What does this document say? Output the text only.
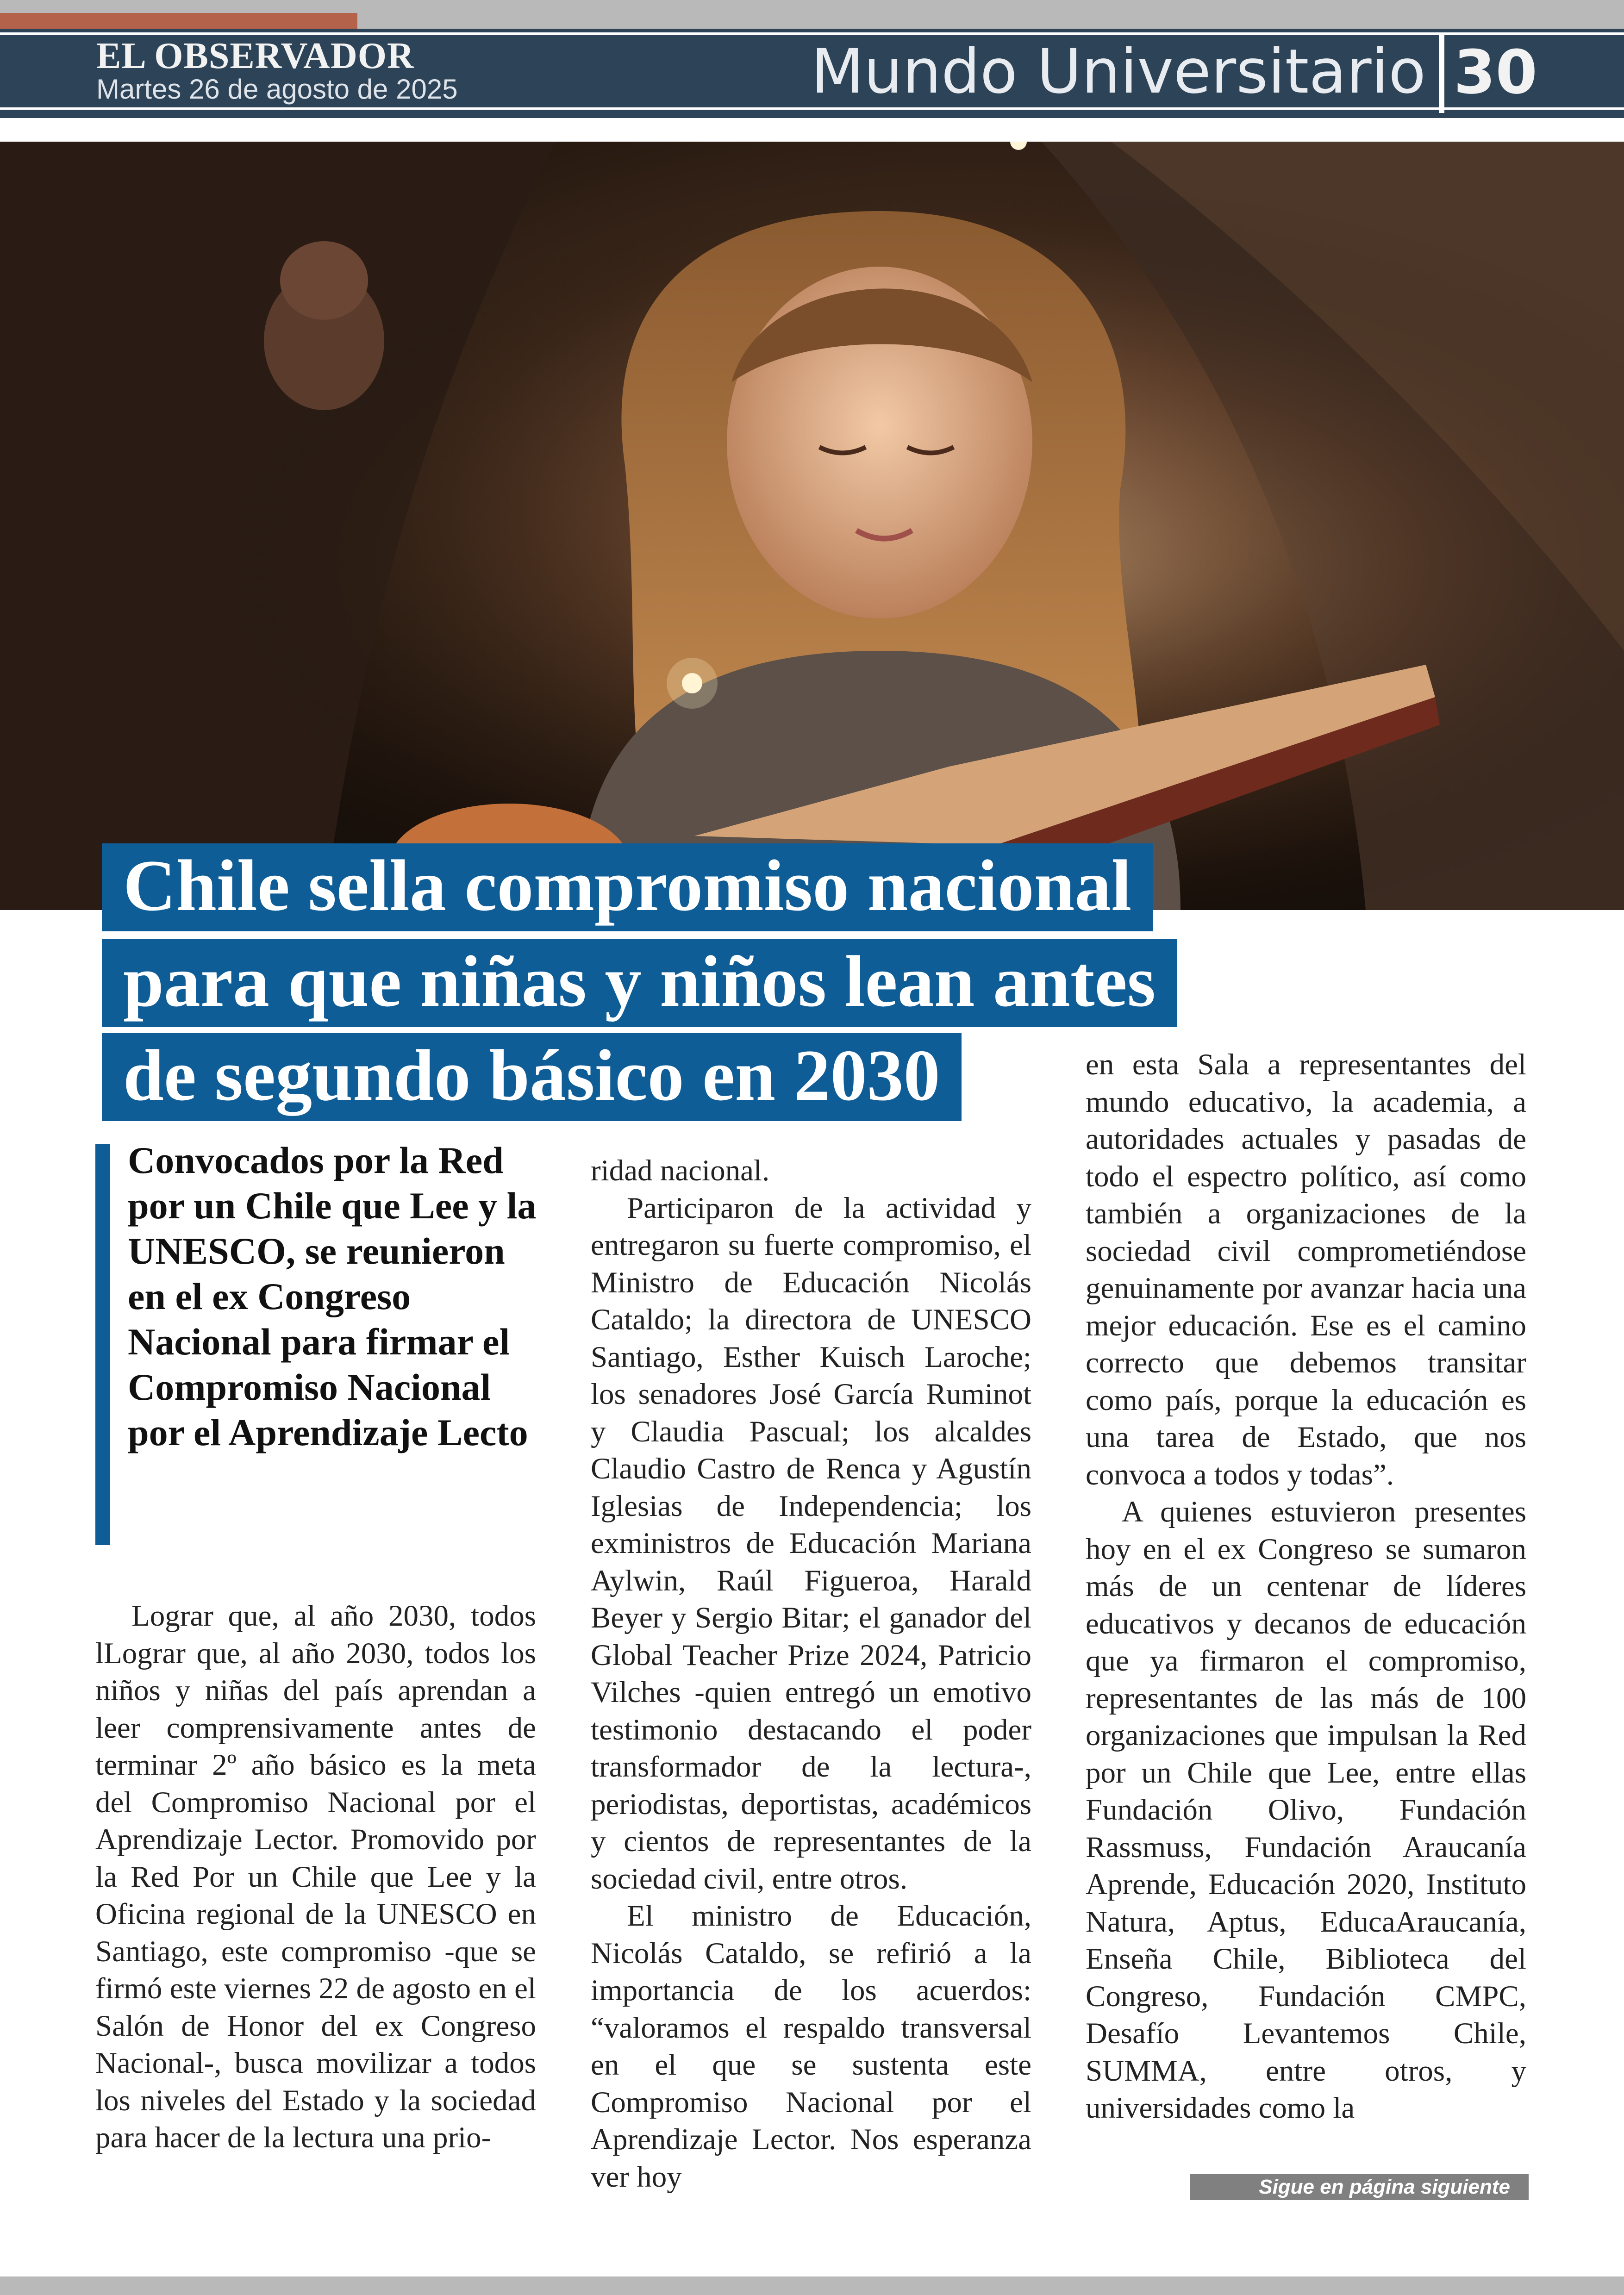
EL OBSERVADOR
Martes 26 de agosto de 2025	Mundo Universitario 30
Chile sella compromiso nacional
para que niñas y niños lean antes
de segundo básico en 2030
Convocados por la Red por un Chile que Lee y la UNESCO, se reunieron en el ex Congreso Nacional para firmar el Compromiso Nacional por el Aprendizaje Lecto

Lograr que, al año 2030, todos lLograr que, al año 2030, todos los niños y niñas del país aprendan a leer comprensivamente antes de terminar 2º año básico es la meta del Compromiso Nacional por el Aprendizaje Lector. Promovido por la Red Por un Chile que Lee y la Oficina regional de la UNESCO en Santiago, este compromiso -que se firmó este viernes 22 de agosto en el Salón de Honor del ex Congreso Nacional-, busca movilizar a todos los niveles del Estado y la sociedad para hacer de la lectura una prio-

ridad nacional.

Participaron de la actividad y entregaron su fuerte compromiso, el Ministro de Educación Nicolás Cataldo; la directora de UNESCO Santiago, Esther Kuisch Laroche; los senadores José García Ruminot y Claudia Pascual; los alcaldes Claudio Castro de Renca y Agustín Iglesias de Independencia; los exministros de Educación Mariana Aylwin, Raúl Figueroa, Harald Beyer y Sergio Bitar; el ganador del Global Teacher Prize 2024, Patricio Vilches -quien entregó un emotivo testimonio destacando el poder transformador de la lectura-, periodistas, deportistas, académicos y cientos de representantes de la sociedad civil, entre otros.

El ministro de Educación, Nicolás Cataldo, se refirió a la importancia de los acuerdos: “valoramos el respaldo transversal en el que se sustenta este Compromiso Nacional por el Aprendizaje Lector. Nos esperanza ver hoy

en esta Sala a representantes del mundo educativo, la academia, a autoridades actuales y pasadas de todo el espectro político, así como también a organizaciones de la sociedad civil comprometiéndose genuinamente por avanzar hacia una mejor educación. Ese es el camino correcto que debemos transitar como país, porque la educación es una tarea de Estado, que nos convoca a todos y todas”.

A quienes estuvieron presentes hoy en el ex Congreso se sumaron más de un centenar de líderes educativos y decanos de educación que ya firmaron el compromiso, representantes de las más de 100 organizaciones que impulsan la Red por un Chile que Lee, entre ellas Fundación Olivo, Fundación Rassmuss, Fundación Araucanía Aprende, Educación 2020, Instituto Natura, Aptus, EducaAraucanía, Enseña Chile, Biblioteca del Congreso, Fundación CMPC, Desafío Levantemos Chile, SUMMA, entre otros, y universidades como la

Sigue en página siguiente
